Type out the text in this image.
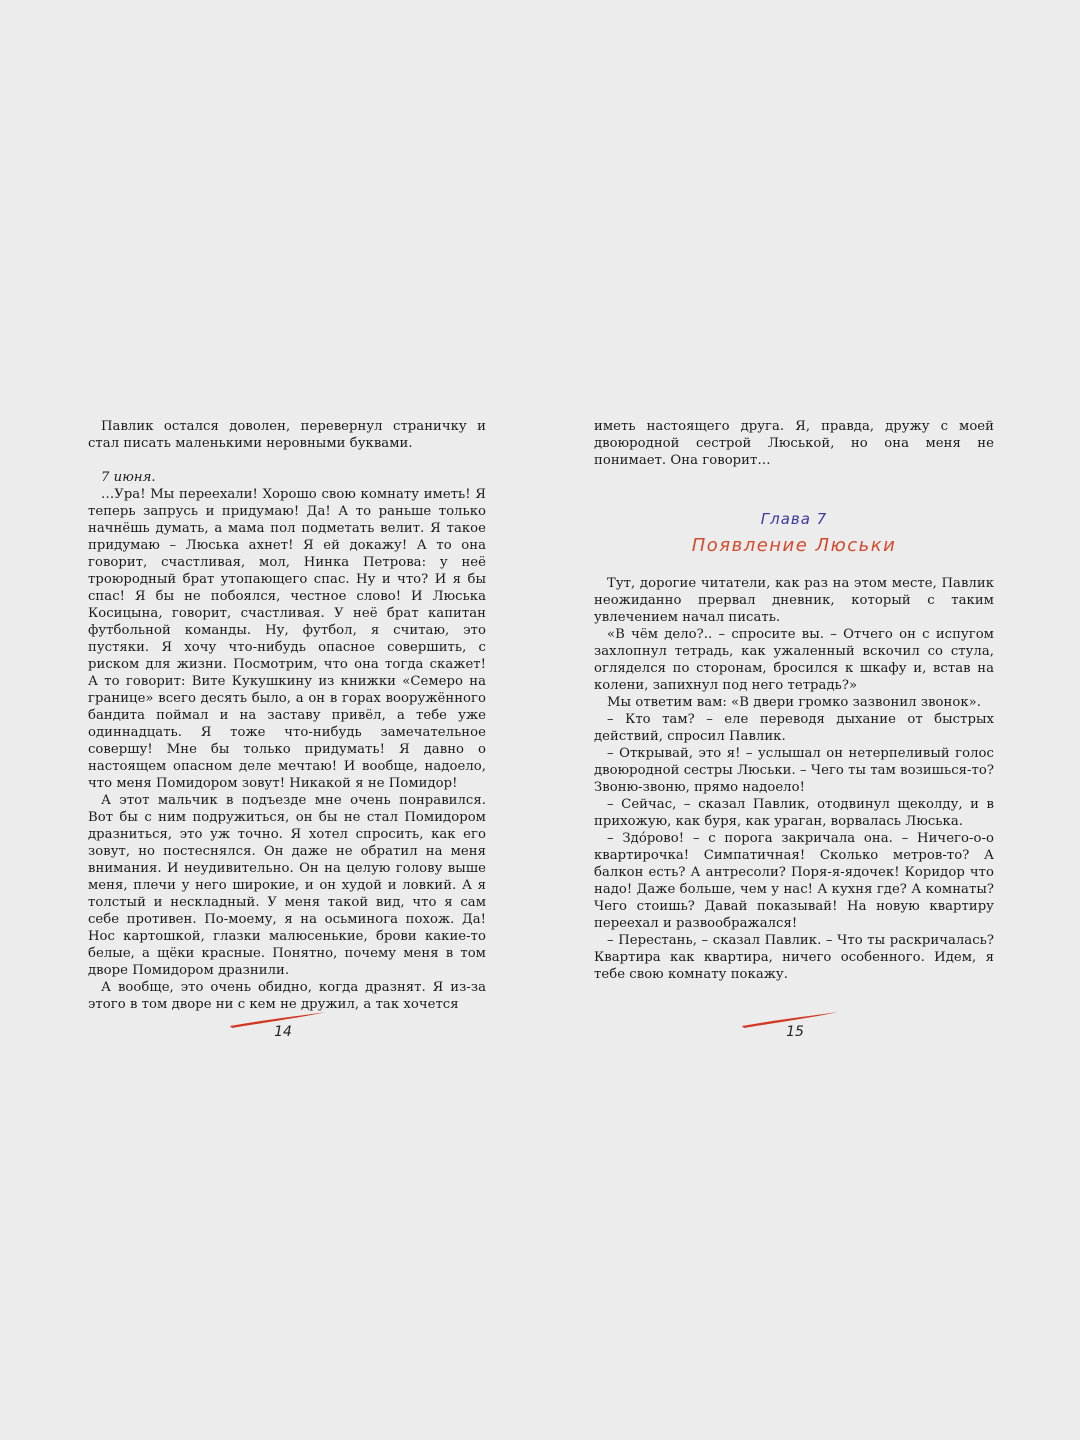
Павлик остался доволен, перевернул страничку и стал писать маленькими неровными буквами.

7 июня.

…Ура! Мы переехали! Хорошо свою комнату иметь! Я теперь запрусь и придумаю! Да! А то раньше только начнёшь думать, а мама пол подметать велит. Я такое придумаю – Люська ахнет! Я ей докажу! А то она говорит, счастливая, мол, Нинка Петрова: у неё троюродный брат утопающего спас. Ну и что? И я бы спас! Я бы не побоялся, честное слово! И Люська Косицына, говорит, счастливая. У неё брат капитан футбольной команды. Ну, футбол, я считаю, это пустяки. Я хочу что-нибудь опасное совершить, с риском для жизни. Посмотрим, что она тогда скажет! А то говорит: Вите Кукушкину из книжки «Семеро на границе» всего десять было, а он в горах вооружённого бандита поймал и на заставу привёл, а тебе уже одиннадцать. Я тоже что-нибудь замечательное совершу! Мне бы только придумать! Я давно о настоящем опасном деле мечтаю! И вообще, надоело, что меня Помидором зовут! Никакой я не Помидор!

А этот мальчик в подъезде мне очень понравился. Вот бы с ним подружиться, он бы не стал Помидором дразниться, это уж точно. Я хотел спросить, как его зовут, но постеснялся. Он даже не обратил на меня внимания. И неудивительно. Он на целую голову выше меня, плечи у него широкие, и он худой и ловкий. А я толстый и нескладный. У меня такой вид, что я сам себе противен. По-моему, я на осьминога похож. Да! Нос картошкой, глазки малюсенькие, брови какие-то белые, а щёки красные. Понятно, почему меня в том дворе Помидором дразнили.

А вообще, это очень обидно, когда дразнят. Я из-за этого в том дворе ни с кем не дружил, а так хочется

иметь настоящего друга. Я, правда, дружу с моей двоюродной сестрой Люськой, но она меня не понимает. Она говорит…

Глава 7
Появление Люськи

Тут, дорогие читатели, как раз на этом месте, Павлик неожиданно прервал дневник, который с таким увлечением начал писать.

«В чём дело?.. – спросите вы. – Отчего он с испугом захлопнул тетрадь, как ужаленный вскочил со стула, огляделся по сторонам, бросился к шкафу и, встав на колени, запихнул под него тетрадь?»

Мы ответим вам: «В двери громко зазвонил звонок».

– Кто там? – еле переводя дыхание от быстрых действий, спросил Павлик.

– Открывай, это я! – услышал он нетерпеливый голос двоюродной сестры Люськи. – Чего ты там возишься-то? Звоню-звоню, прямо надоело!

– Сейчас, – сказал Павлик, отодвинул щеколду, и в прихожую, как буря, как ураган, ворвалась Люська.

– Здо́рово! – с порога закричала она. – Ничего-о-о квартирочка! Симпатичная! Сколько метров-то? А балкон есть? А антресоли? Поря-я-ядочек! Коридор что надо! Даже больше, чем у нас! А кухня где? А комнаты? Чего стоишь? Давай показывай! На новую квартиру переехал и развоображался!

– Перестань, – сказал Павлик. – Что ты раскричалась? Квартира как квартира, ничего особенного. Идем, я тебе свою комнату покажу.

14	15
